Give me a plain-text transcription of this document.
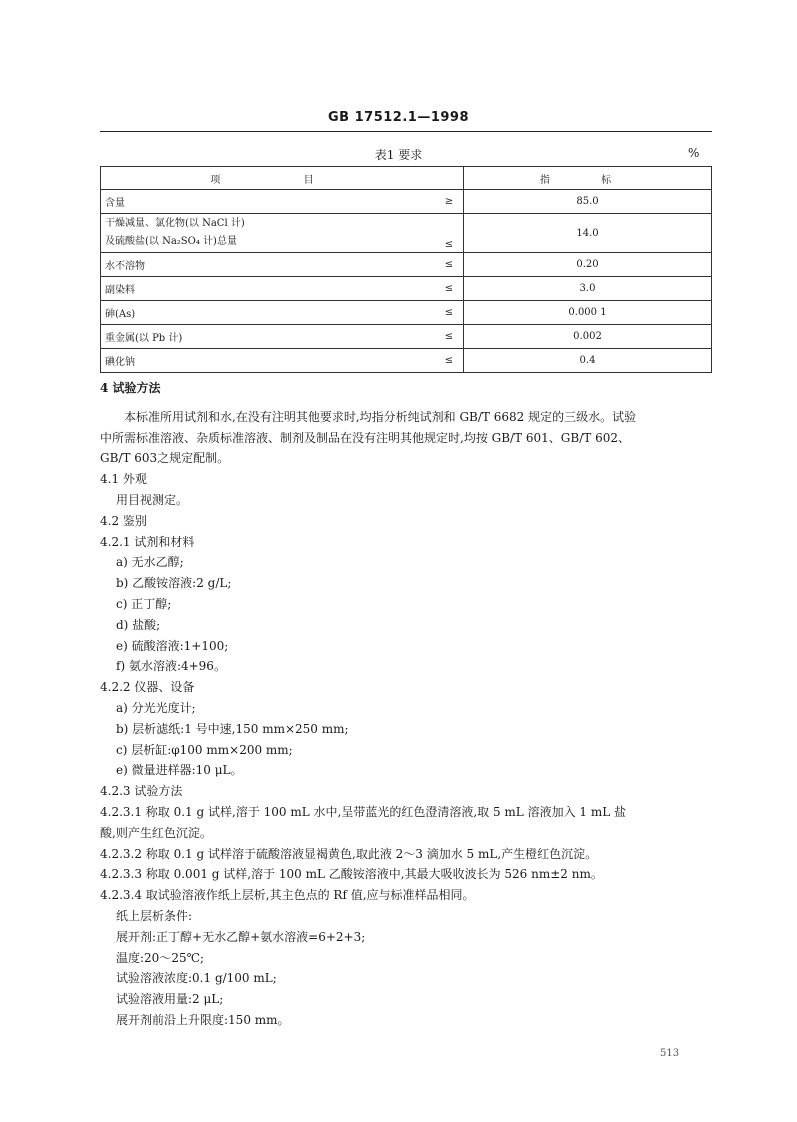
GB 17512.1—1998
表1 要求	%
项 目		指 标
含量	≥	85.0

干燥减量、氯化物(以 NaCl 计)
及硫酸盐(以 Na₂SO₄ 计)总量	≤	14.0
水不溶物	≤	0.20
副染料	≤	3.0
砷(As)	≤	0.000 1
重金属(以 Pb 计)	≤	0.002
碘化钠	≤	0.4

4 试验方法

本标准所用试剂和水,在没有注明其他要求时,均指分析纯试剂和 GB/T 6682 规定的三级水。试验

中所需标准溶液、杂质标准溶液、制剂及制品在没有注明其他规定时,均按 GB/T 601、GB/T 602、

GB/T 603之规定配制。

4.1 外观

用目视测定。

4.2 鉴别

4.2.1 试剂和材料

a) 无水乙醇;

b) 乙酸铵溶液:2 g/L;

c) 正丁醇;

d) 盐酸;

e) 硫酸溶液:1+100;

f) 氨水溶液:4+96。

4.2.2 仪器、设备

a) 分光光度计;

b) 层析滤纸:1 号中速,150 mm×250 mm;

c) 层析缸:φ100 mm×200 mm;

e) 微量进样器:10 μL。

4.2.3 试验方法

4.2.3.1 称取 0.1 g 试样,溶于 100 mL 水中,呈带蓝光的红色澄清溶液,取 5 mL 溶液加入 1 mL 盐

酸,则产生红色沉淀。

4.2.3.2 称取 0.1 g 试样溶于硫酸溶液显褐黄色,取此液 2～3 滴加水 5 mL,产生橙红色沉淀。

4.2.3.3 称取 0.001 g 试样,溶于 100 mL 乙酸铵溶液中,其最大吸收波长为 526 nm±2 nm。

4.2.3.4 取试验溶液作纸上层析,其主色点的 Rf 值,应与标准样品相同。

纸上层析条件:

展开剂:正丁醇+无水乙醇+氨水溶液=6+2+3;

温度:20～25℃;

试验溶液浓度:0.1 g/100 mL;

试验溶液用量:2 μL;

展开剂前沿上升限度:150 mm。

513
